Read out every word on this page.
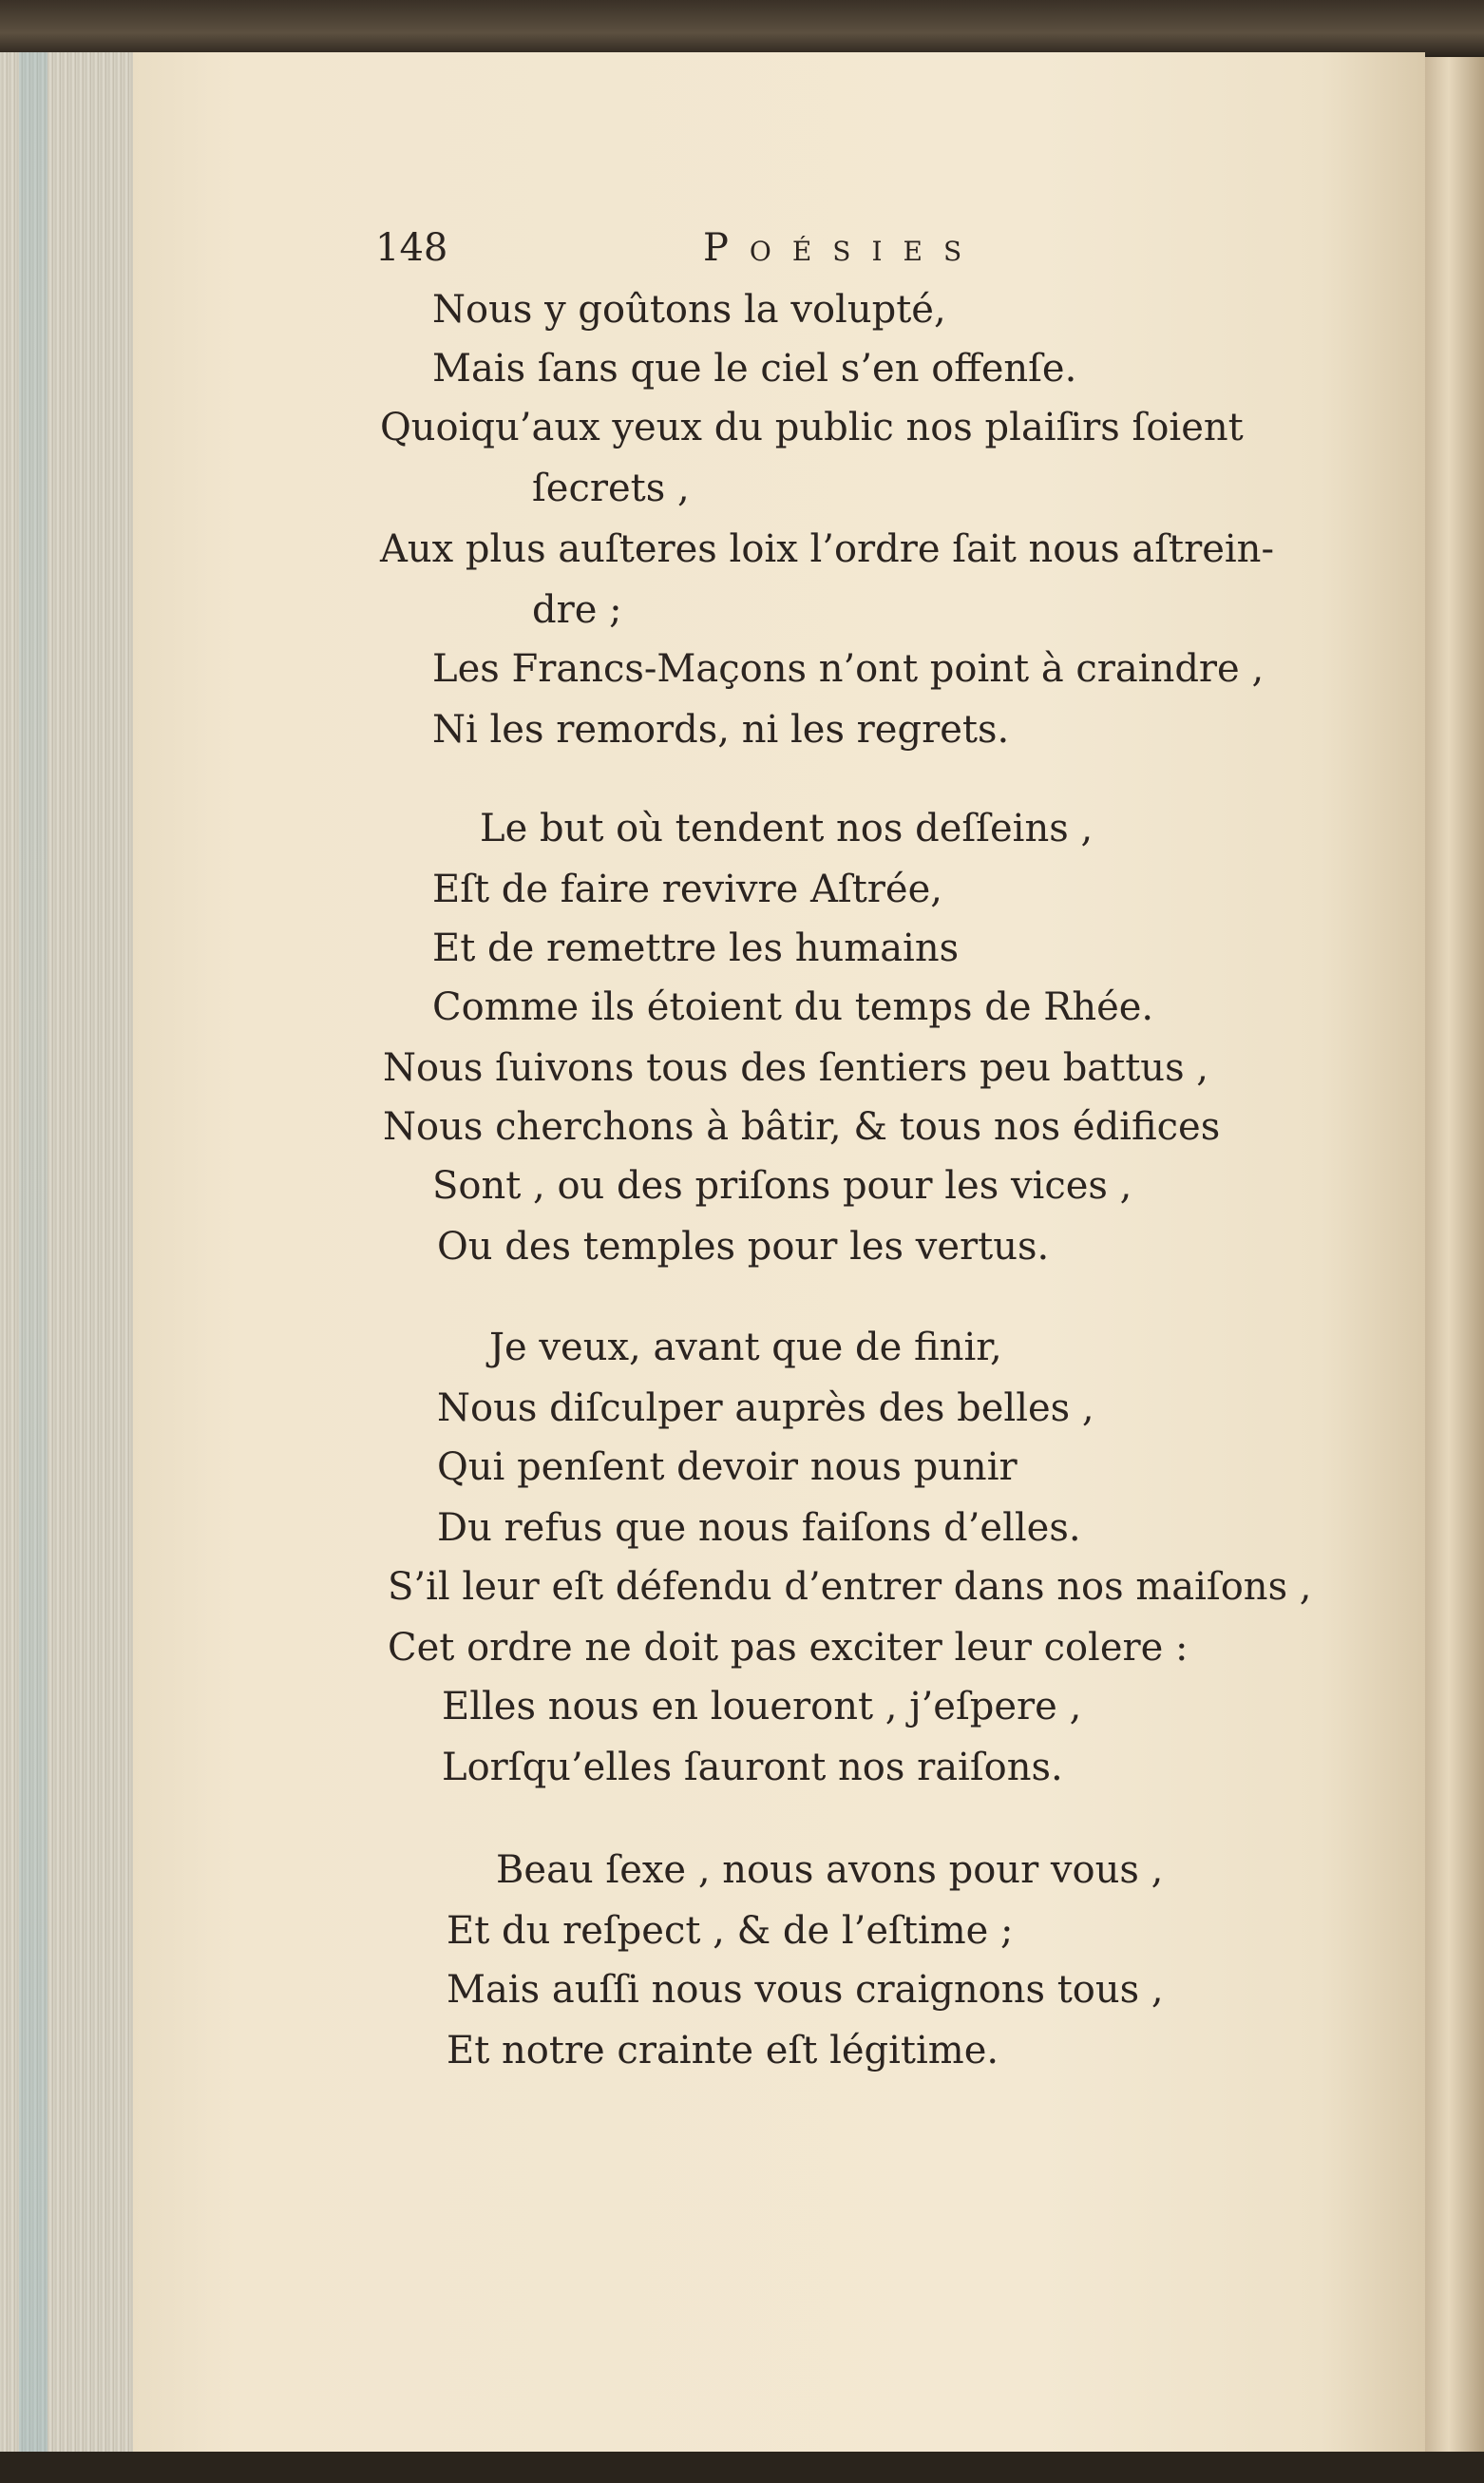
148	Poésies
Nous y goûtons la volupté,
Mais ſans que le ciel s’en offenſe.
Quoiqu’aux yeux du public nos plaiſirs ſoient
ſecrets ,
Aux plus auſteres loix l’ordre ſait nous aſtrein-
dre ;
Les Francs-Maçons n’ont point à craindre ,
Ni les remords, ni les regrets.
Le but où tendent nos deſſeins ,
Eſt de faire revivre Aſtrée,
Et de remettre les humains
Comme ils étoient du temps de Rhée.
Nous ſuivons tous des ſentiers peu battus ,
Nous cherchons à bâtir, & tous nos édifices
Sont , ou des priſons pour les vices ,
Ou des temples pour les vertus.
Je veux, avant que de finir,
Nous diſculper auprès des belles ,
Qui penſent devoir nous punir
Du refus que nous faiſons d’elles.
S’il leur eſt défendu d’entrer dans nos maiſons ,
Cet ordre ne doit pas exciter leur colere :
Elles nous en loueront , j’eſpere ,
Lorſqu’elles ſauront nos raiſons.
Beau ſexe , nous avons pour vous ,
Et du reſpect , & de l’eſtime ;
Mais auſſi nous vous craignons tous ,
Et notre crainte eſt légitime.
